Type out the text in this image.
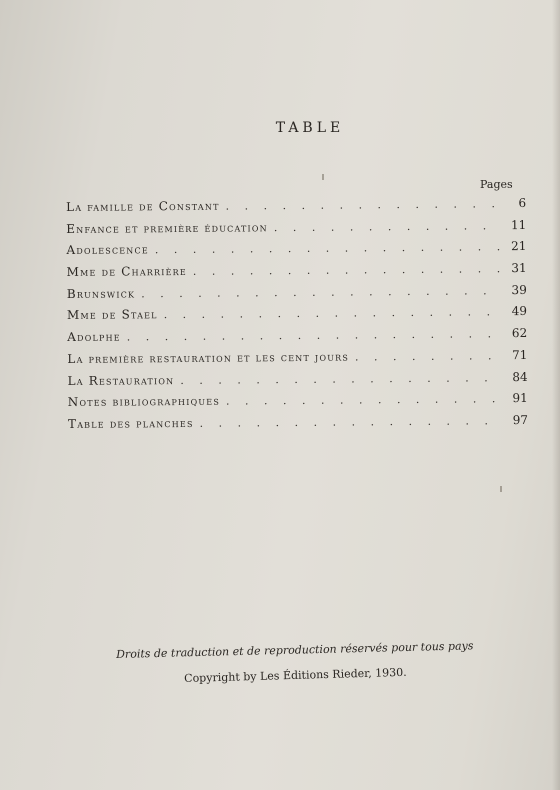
TABLE
Pages
La famille de Constant . . .	6
Enfance et première éducation . . .	11
Adolescence . . .	21
Mme de Charrière . . .	31
Brunswick . . .	39
Mme de Stael . . .	49
Adolphe . . .	62
La première restauration et les cent jours . . .	71
La Restauration . . .	84
Notes bibliographiques . . .	91
Table des planches . . .	97
Droits de traduction et de reproduction réservés pour tous pays
Copyright by Les Éditions Rieder, 1930.
